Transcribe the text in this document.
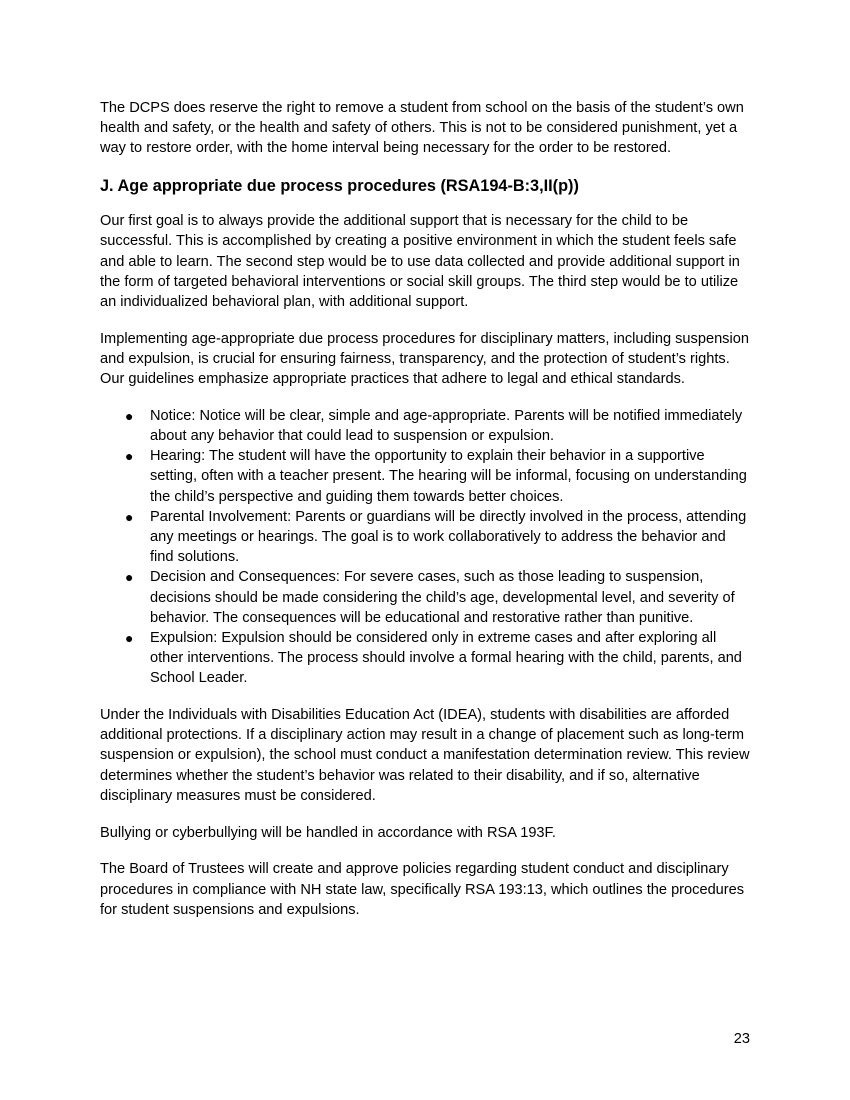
The DCPS does reserve the right to remove a student from school on the basis of the student’s own health and safety, or the health and safety of others. This is not to be considered punishment, yet a way to restore order, with the home interval being necessary for the order to be restored.

J. Age appropriate due process procedures (RSA194-B:3,II(p))

Our first goal is to always provide the additional support that is necessary for the child to be successful. This is accomplished by creating a positive environment in which the student feels safe and able to learn. The second step would be to use data collected and provide additional support in the form of targeted behavioral interventions or social skill groups. The third step would be to utilize an individualized behavioral plan, with additional support.

Implementing age-appropriate due process procedures for disciplinary matters, including suspension and expulsion, is crucial for ensuring fairness, transparency, and the protection of student’s rights. Our guidelines emphasize appropriate practices that adhere to legal and ethical standards.

● Notice: Notice will be clear, simple and age-appropriate. Parents will be notified immediately about any behavior that could lead to suspension or expulsion.
● Hearing: The student will have the opportunity to explain their behavior in a supportive setting, often with a teacher present. The hearing will be informal, focusing on understanding the child’s perspective and guiding them towards better choices.
● Parental Involvement: Parents or guardians will be directly involved in the process, attending any meetings or hearings. The goal is to work collaboratively to address the behavior and find solutions.
● Decision and Consequences: For severe cases, such as those leading to suspension, decisions should be made considering the child’s age, developmental level, and severity of behavior. The consequences will be educational and restorative rather than punitive.
● Expulsion: Expulsion should be considered only in extreme cases and after exploring all other interventions. The process should involve a formal hearing with the child, parents, and School Leader.

Under the Individuals with Disabilities Education Act (IDEA), students with disabilities are afforded additional protections. If a disciplinary action may result in a change of placement such as long-term suspension or expulsion), the school must conduct a manifestation determination review. This review determines whether the student’s behavior was related to their disability, and if so, alternative disciplinary measures must be considered.

Bullying or cyberbullying will be handled in accordance with RSA 193F.

The Board of Trustees will create and approve policies regarding student conduct and disciplinary procedures in compliance with NH state law, specifically RSA 193:13, which outlines the procedures for student suspensions and expulsions.

23
